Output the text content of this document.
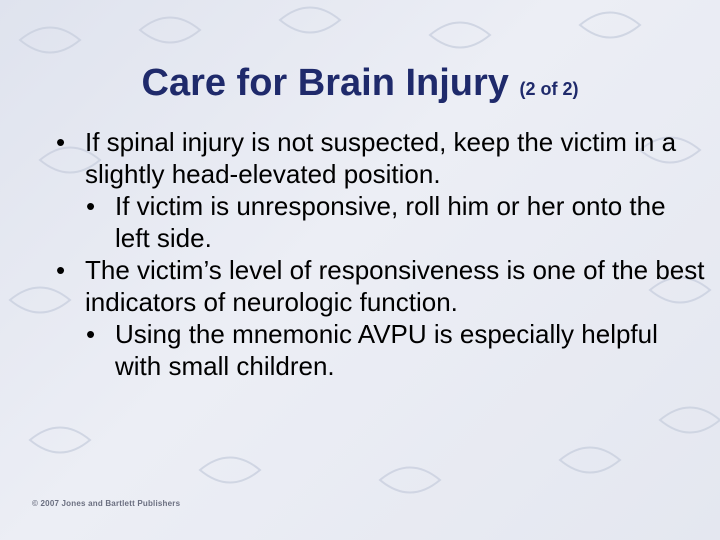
Care for Brain Injury (2 of 2)
• If spinal injury is not suspected, keep the victim in a slightly head-elevated position.
• If victim is unresponsive, roll him or her onto the left side.
• The victim’s level of responsiveness is one of the best indicators of neurologic function.
• Using the mnemonic AVPU is especially helpful with small children.
© 2007 Jones and Bartlett Publishers
